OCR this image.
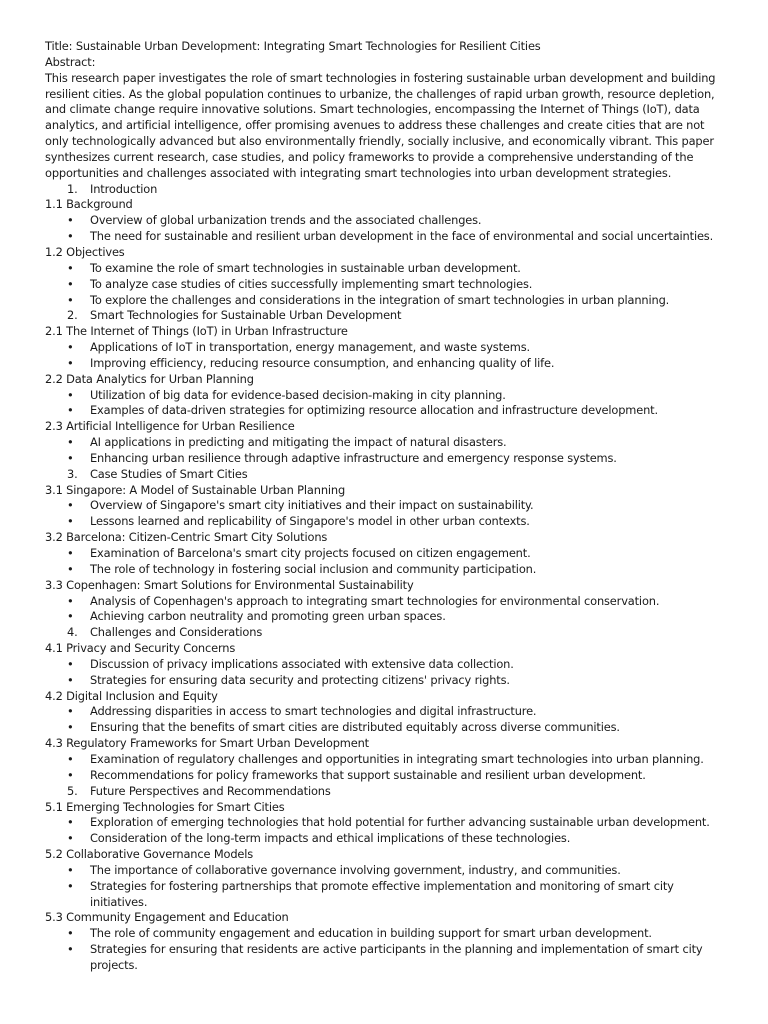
Title: Sustainable Urban Development: Integrating Smart Technologies for Resilient Cities
Abstract:
This research paper investigates the role of smart technologies in fostering sustainable urban development and building
resilient cities. As the global population continues to urbanize, the challenges of rapid urban growth, resource depletion,
and climate change require innovative solutions. Smart technologies, encompassing the Internet of Things (IoT), data
analytics, and artificial intelligence, offer promising avenues to address these challenges and create cities that are not
only technologically advanced but also environmentally friendly, socially inclusive, and economically vibrant. This paper
synthesizes current research, case studies, and policy frameworks to provide a comprehensive understanding of the
opportunities and challenges associated with integrating smart technologies into urban development strategies.
1. Introduction
1.1 Background
• Overview of global urbanization trends and the associated challenges.
• The need for sustainable and resilient urban development in the face of environmental and social uncertainties.
1.2 Objectives
• To examine the role of smart technologies in sustainable urban development.
• To analyze case studies of cities successfully implementing smart technologies.
• To explore the challenges and considerations in the integration of smart technologies in urban planning.
2. Smart Technologies for Sustainable Urban Development
2.1 The Internet of Things (IoT) in Urban Infrastructure
• Applications of IoT in transportation, energy management, and waste systems.
• Improving efficiency, reducing resource consumption, and enhancing quality of life.
2.2 Data Analytics for Urban Planning
• Utilization of big data for evidence-based decision-making in city planning.
• Examples of data-driven strategies for optimizing resource allocation and infrastructure development.
2.3 Artificial Intelligence for Urban Resilience
• AI applications in predicting and mitigating the impact of natural disasters.
• Enhancing urban resilience through adaptive infrastructure and emergency response systems.
3. Case Studies of Smart Cities
3.1 Singapore: A Model of Sustainable Urban Planning
• Overview of Singapore's smart city initiatives and their impact on sustainability.
• Lessons learned and replicability of Singapore's model in other urban contexts.
3.2 Barcelona: Citizen-Centric Smart City Solutions
• Examination of Barcelona's smart city projects focused on citizen engagement.
• The role of technology in fostering social inclusion and community participation.
3.3 Copenhagen: Smart Solutions for Environmental Sustainability
• Analysis of Copenhagen's approach to integrating smart technologies for environmental conservation.
• Achieving carbon neutrality and promoting green urban spaces.
4. Challenges and Considerations
4.1 Privacy and Security Concerns
• Discussion of privacy implications associated with extensive data collection.
• Strategies for ensuring data security and protecting citizens' privacy rights.
4.2 Digital Inclusion and Equity
• Addressing disparities in access to smart technologies and digital infrastructure.
• Ensuring that the benefits of smart cities are distributed equitably across diverse communities.
4.3 Regulatory Frameworks for Smart Urban Development
• Examination of regulatory challenges and opportunities in integrating smart technologies into urban planning.
• Recommendations for policy frameworks that support sustainable and resilient urban development.
5. Future Perspectives and Recommendations
5.1 Emerging Technologies for Smart Cities
• Exploration of emerging technologies that hold potential for further advancing sustainable urban development.
• Consideration of the long-term impacts and ethical implications of these technologies.
5.2 Collaborative Governance Models
• The importance of collaborative governance involving government, industry, and communities.
• Strategies for fostering partnerships that promote effective implementation and monitoring of smart city
initiatives.
5.3 Community Engagement and Education
• The role of community engagement and education in building support for smart urban development.
• Strategies for ensuring that residents are active participants in the planning and implementation of smart city
projects.
